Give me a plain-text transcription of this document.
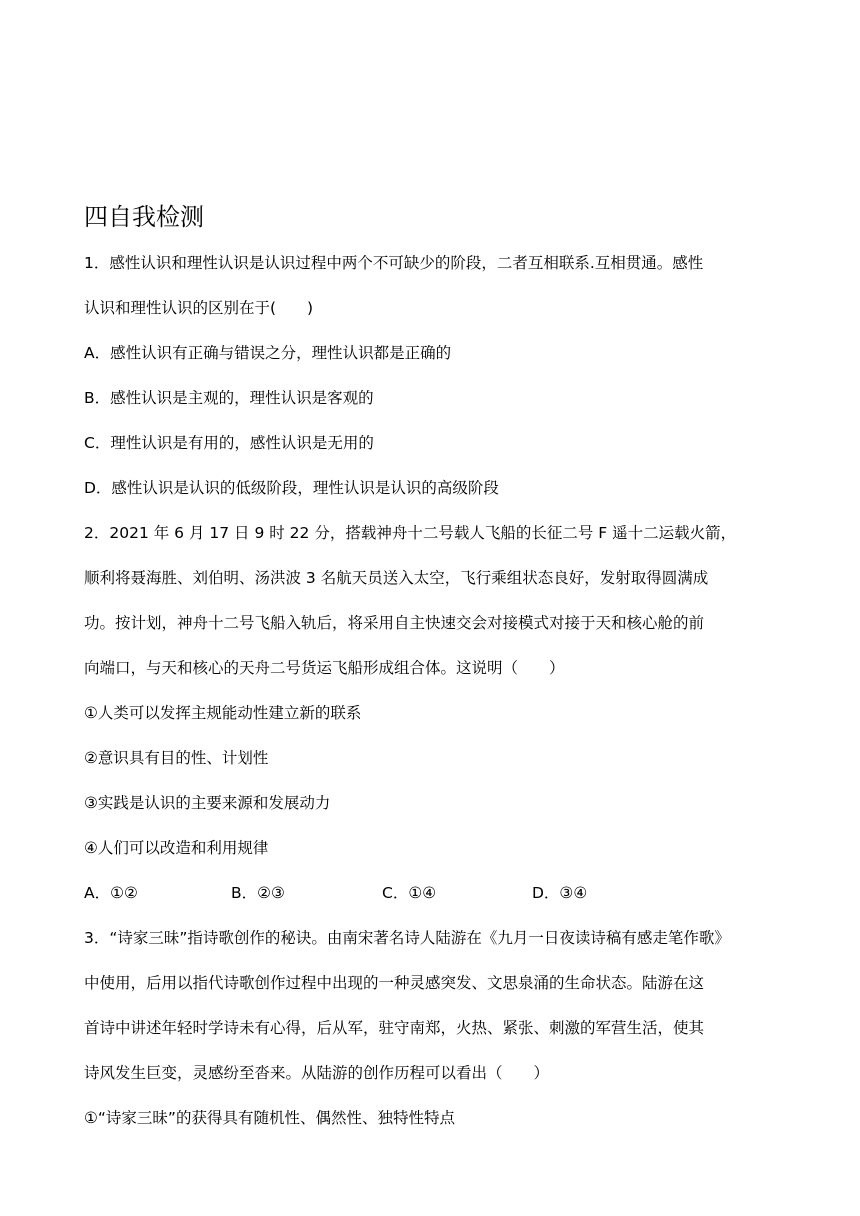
四自我检测
1．感性认识和理性认识是认识过程中两个不可缺少的阶段，二者互相联系.互相贯通。感性
认识和理性认识的区别在于(　　)
A．感性认识有正确与错误之分，理性认识都是正确的
B．感性认识是主观的，理性认识是客观的
C．理性认识是有用的，感性认识是无用的
D．感性认识是认识的低级阶段，理性认识是认识的高级阶段
2．2021 年 6 月 17 日 9 时 22 分，搭载神舟十二号载人飞船的长征二号 F 遥十二运载火箭，
顺利将聂海胜、刘伯明、汤洪波 3 名航天员送入太空，飞行乘组状态良好，发射取得圆满成
功。按计划，神舟十二号飞船入轨后，将采用自主快速交会对接模式对接于天和核心舱的前
向端口，与天和核心的天舟二号货运飞船形成组合体。这说明（　　）
①人类可以发挥主规能动性建立新的联系
②意识具有目的性、计划性
③实践是认识的主要来源和发展动力
④人们可以改造和利用规律
A．①②	B．②③	C．①④	D．③④
3．“诗家三昧”指诗歌创作的秘诀。由南宋著名诗人陆游在《九月一日夜读诗稿有感走笔作歌》
中使用，后用以指代诗歌创作过程中出现的一种灵感突发、文思泉涌的生命状态。陆游在这
首诗中讲述年轻时学诗未有心得，后从军，驻守南郑，火热、紧张、刺激的军营生活，使其
诗风发生巨变，灵感纷至沓来。从陆游的创作历程可以看出（　　）
①“诗家三昧”的获得具有随机性、偶然性、独特性特点
